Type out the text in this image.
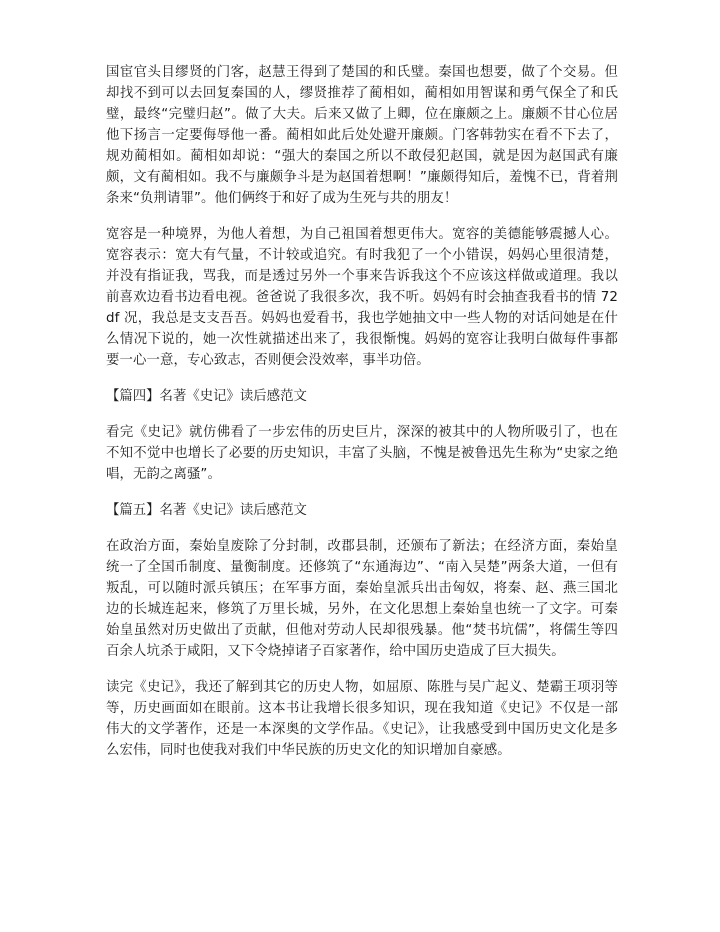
国宦官头目缪贤的门客，赵慧王得到了楚国的和氏璧。秦国也想要，做了个交易。但却找不到可以去回复秦国的人，缪贤推荐了蔺相如，蔺相如用智谋和勇气保全了和氏璧，最终“完璧归赵”。做了大夫。后来又做了上卿，位在廉颇之上。廉颇不甘心位居他下扬言一定要侮辱他一番。蔺相如此后处处避开廉颇。门客韩勃实在看不下去了，规劝蔺相如。蔺相如却说：“强大的秦国之所以不敢侵犯赵国，就是因为赵国武有廉颇，文有蔺相如。我不与廉颇争斗是为赵国着想啊！”廉颇得知后，羞愧不已，背着荆条来“负荆请罪”。他们俩终于和好了成为生死与共的朋友！

宽容是一种境界，为他人着想，为自己祖国着想更伟大。宽容的美德能够震撼人心。宽容表示：宽大有气量，不计较或追究。有时我犯了一个小错误，妈妈心里很清楚，并没有指证我，骂我，而是透过另外一个事来告诉我这个不应该这样做或道理。我以前喜欢边看书边看电视。爸爸说了我很多次，我不听。妈妈有时会抽查我看书的情 72df 况，我总是支支吾吾。妈妈也爱看书，我也学她抽文中一些人物的对话问她是在什么情况下说的，她一次性就描述出来了，我很惭愧。妈妈的宽容让我明白做每件事都要一心一意，专心致志，否则便会没效率，事半功倍。

【篇四】名著《史记》读后感范文

看完《史记》就仿佛看了一步宏伟的历史巨片，深深的被其中的人物所吸引了，也在不知不觉中也增长了必要的历史知识，丰富了头脑，不愧是被鲁迅先生称为“史家之绝唱，无韵之离骚”。

【篇五】名著《史记》读后感范文

在政治方面，秦始皇废除了分封制，改郡县制，还颁布了新法；在经济方面，秦始皇统一了全国币制度、量衡制度。还修筑了“东通海边”、“南入吴楚”两条大道，一但有叛乱，可以随时派兵镇压；在军事方面，秦始皇派兵出击匈奴，将秦、赵、燕三国北边的长城连起来，修筑了万里长城，另外，在文化思想上秦始皇也统一了文字。可秦始皇虽然对历史做出了贡献，但他对劳动人民却很残暴。他“焚书坑儒”，将儒生等四百余人坑杀于咸阳，又下令烧掉诸子百家著作，给中国历史造成了巨大损失。

读完《史记》，我还了解到其它的历史人物，如屈原、陈胜与吴广起义、楚霸王项羽等等，历史画面如在眼前。这本书让我增长很多知识，现在我知道《史记》不仅是一部伟大的文学著作，还是一本深奥的文学作品。《史记》，让我感受到中国历史文化是多么宏伟，同时也使我对我们中华民族的历史文化的知识增加自豪感。
